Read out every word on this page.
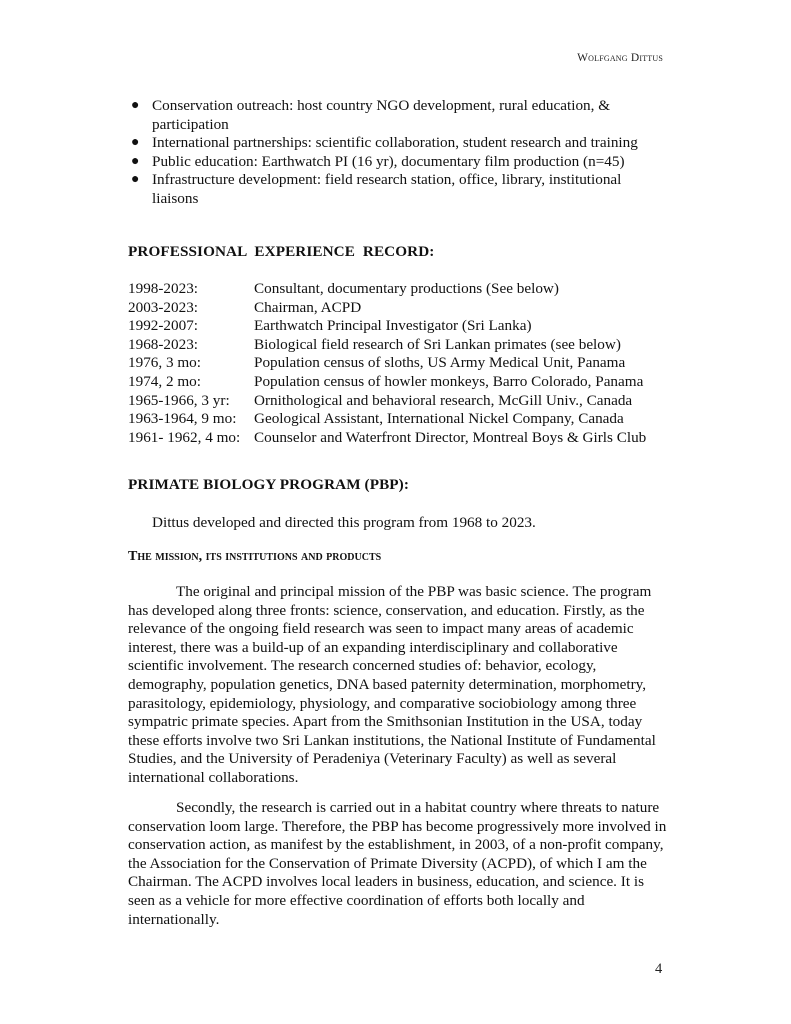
Wolfgang Dittus
● Conservation outreach: host country NGO development, rural education, & participation
● International partnerships: scientific collaboration, student research and training
● Public education: Earthwatch PI (16 yr), documentary film production (n=45)
● Infrastructure development: field research station, office, library, institutional liaisons
PROFESSIONAL EXPERIENCE RECORD:
1998-2023:	Consultant, documentary productions (See below)
2003-2023:	Chairman, ACPD
1992-2007:	Earthwatch Principal Investigator (Sri Lanka)
1968-2023:	Biological field research of Sri Lankan primates (see below)
1976, 3 mo:	Population census of sloths, US Army Medical Unit, Panama
1974, 2 mo:	Population census of howler monkeys, Barro Colorado, Panama
1965-1966, 3 yr:	Ornithological and behavioral research, McGill Univ., Canada
1963-1964, 9 mo:	Geological Assistant, International Nickel Company, Canada
1961- 1962, 4 mo:	Counselor and Waterfront Director, Montreal Boys & Girls Club
PRIMATE BIOLOGY PROGRAM (PBP):

Dittus developed and directed this program from 1968 to 2023.

The mission, its institutions and products

The original and principal mission of the PBP was basic science. The program has developed along three fronts: science, conservation, and education. Firstly, as the relevance of the ongoing field research was seen to impact many areas of academic interest, there was a build-up of an expanding interdisciplinary and collaborative scientific involvement. The research concerned studies of: behavior, ecology, demography, population genetics, DNA based paternity determination, morphometry, parasitology, epidemiology, physiology, and comparative sociobiology among three sympatric primate species. Apart from the Smithsonian Institution in the USA, today these efforts involve two Sri Lankan institutions, the National Institute of Fundamental Studies, and the University of Peradeniya (Veterinary Faculty) as well as several international collaborations.

Secondly, the research is carried out in a habitat country where threats to nature conservation loom large. Therefore, the PBP has become progressively more involved in conservation action, as manifest by the establishment, in 2003, of a non-profit company, the Association for the Conservation of Primate Diversity (ACPD), of which I am the Chairman. The ACPD involves local leaders in business, education, and science. It is seen as a vehicle for more effective coordination of efforts both locally and internationally.

4
